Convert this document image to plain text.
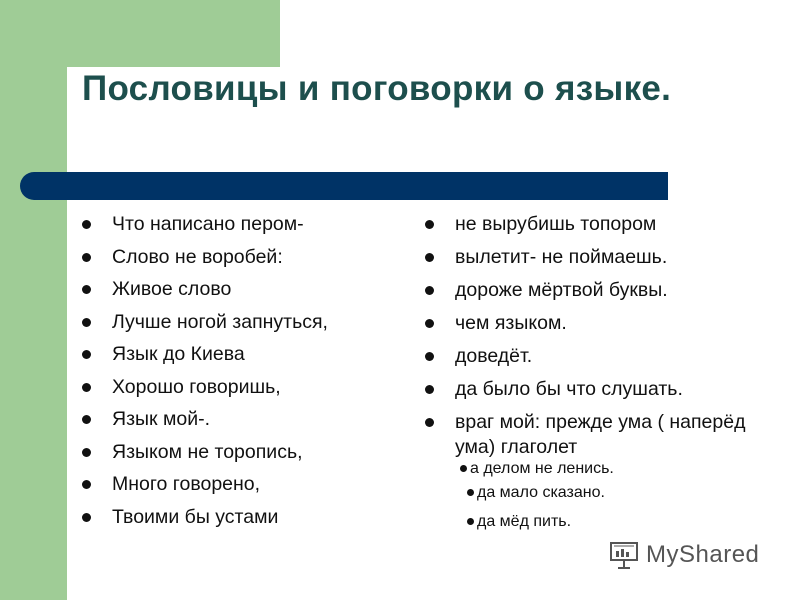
Пословицы и поговорки о языке.
Что написано пером-
Слово не воробей:
Живое слово
Лучше ногой запнуться,
Язык до Киева
Хорошо говоришь,
Язык мой-.
Языком не торопись,
Много говорено,
Твоими бы устами
не вырубишь топором
вылетит- не поймаешь.
дороже мёртвой буквы.
чем языком.
доведёт.
да было бы что слушать.
враг мой: прежде ума ( наперёд ума) глаголет
а делом не ленись.
да мало сказано.
да мёд пить.
MyShared
